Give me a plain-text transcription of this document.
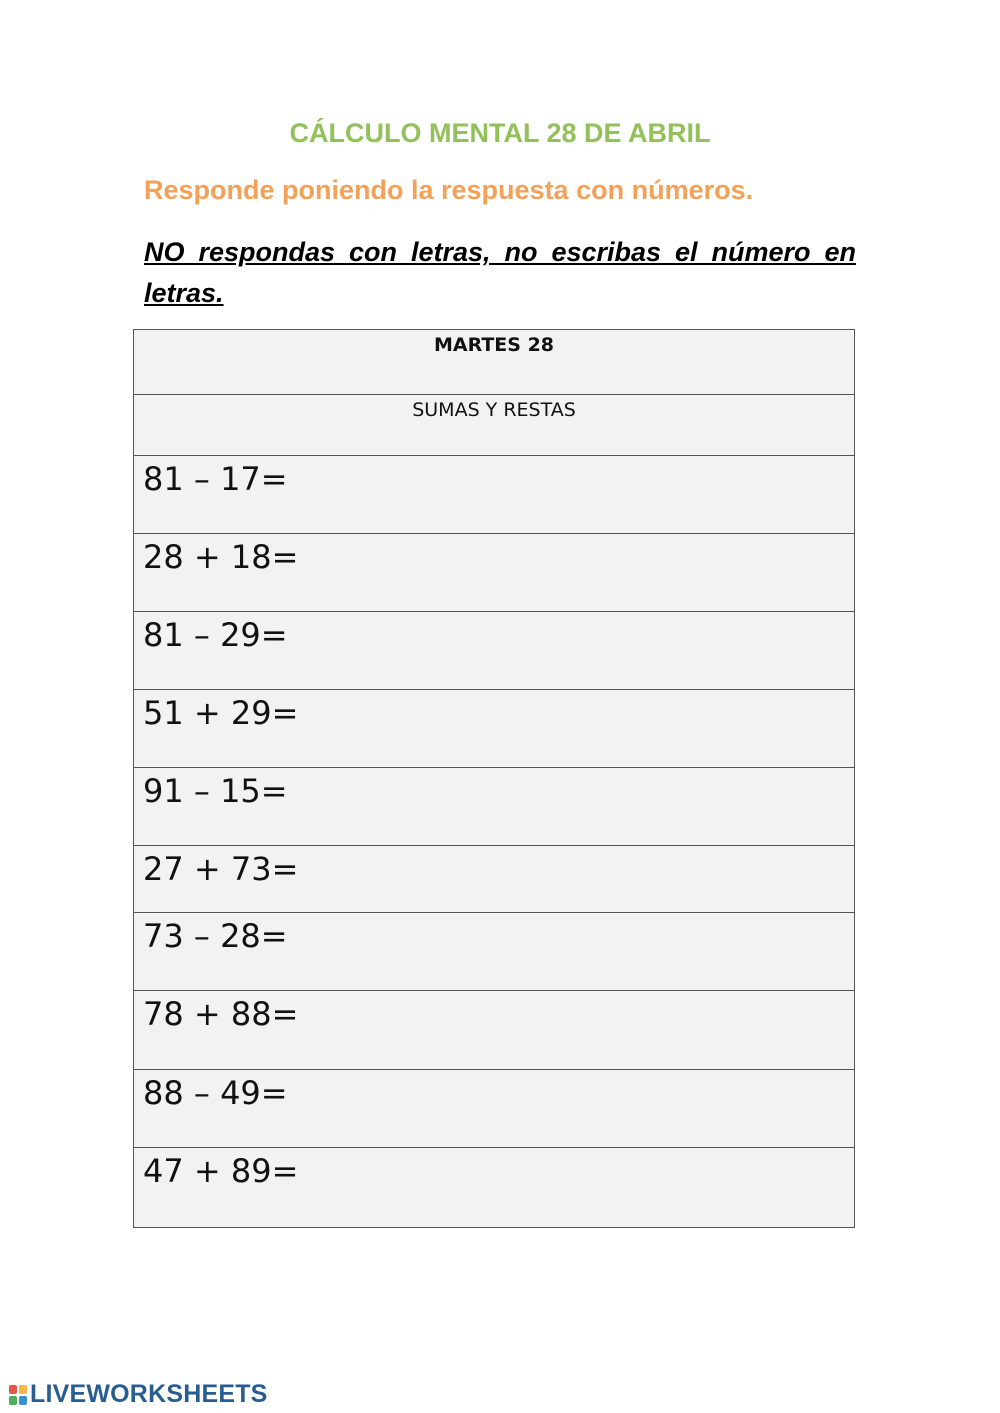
CÁLCULO MENTAL 28 DE ABRIL

Responde poniendo la respuesta con números.

NO respondas con letras, no escribas el número en letras.

MARTES 28
SUMAS Y RESTAS
81 – 17=
28 + 18=
81 – 29=
51 + 29=
91 – 15=
27 + 73=
73 – 28=
78 + 88=
88 – 49=
47 + 89=
LIVEWORKSHEETS
